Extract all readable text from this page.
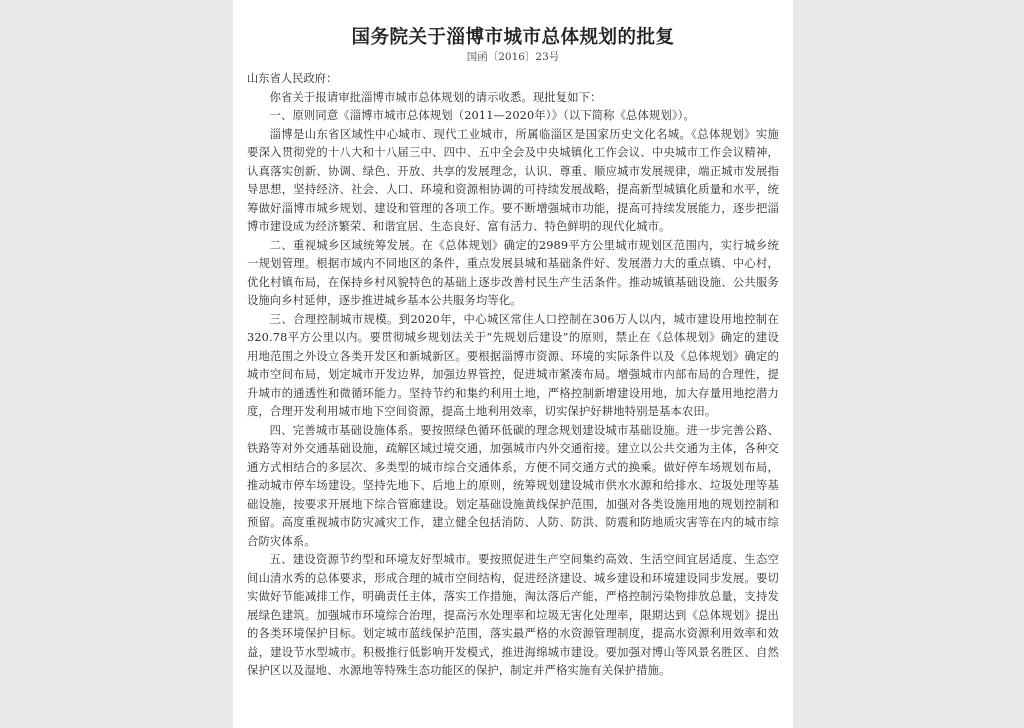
国务院关于淄博市城市总体规划的批复
国函〔2016〕23号

山东省人民政府：

你省关于报请审批淄博市城市总体规划的请示收悉。现批复如下：

一、原则同意《淄博市城市总体规划（2011—2020年）》（以下简称《总体规划》）。

淄博是山东省区域性中心城市、现代工业城市，所属临淄区是国家历史文化名城。《总体规划》实施要深入贯彻党的十八大和十八届三中、四中、五中全会及中央城镇化工作会议、中央城市工作会议精神，认真落实创新、协调、绿色、开放、共享的发展理念，认识、尊重、顺应城市发展规律，端正城市发展指导思想，坚持经济、社会、人口、环境和资源相协调的可持续发展战略，提高新型城镇化质量和水平，统筹做好淄博市城乡规划、建设和管理的各项工作。要不断增强城市功能，提高可持续发展能力，逐步把淄博市建设成为经济繁荣、和谐宜居、生态良好、富有活力、特色鲜明的现代化城市。

二、重视城乡区域统筹发展。在《总体规划》确定的2989平方公里城市规划区范围内，实行城乡统一规划管理。根据市域内不同地区的条件，重点发展县城和基础条件好、发展潜力大的重点镇、中心村，优化村镇布局，在保持乡村风貌特色的基础上逐步改善村民生产生活条件。推动城镇基础设施、公共服务设施向乡村延伸，逐步推进城乡基本公共服务均等化。

三、合理控制城市规模。到2020年，中心城区常住人口控制在306万人以内，城市建设用地控制在320.78平方公里以内。要贯彻城乡规划法关于“先规划后建设”的原则，禁止在《总体规划》确定的建设用地范围之外设立各类开发区和新城新区。要根据淄博市资源、环境的实际条件以及《总体规划》确定的城市空间布局，划定城市开发边界，加强边界管控，促进城市紧凑布局。增强城市内部布局的合理性，提升城市的通透性和微循环能力。坚持节约和集约利用土地，严格控制新增建设用地，加大存量用地挖潜力度，合理开发利用城市地下空间资源，提高土地利用效率，切实保护好耕地特别是基本农田。

四、完善城市基础设施体系。要按照绿色循环低碳的理念规划建设城市基础设施。进一步完善公路、铁路等对外交通基础设施，疏解区域过境交通，加强城市内外交通衔接。建立以公共交通为主体，各种交通方式相结合的多层次、多类型的城市综合交通体系，方便不同交通方式的换乘。做好停车场规划布局，推动城市停车场建设。坚持先地下、后地上的原则，统筹规划建设城市供水水源和给排水、垃圾处理等基础设施，按要求开展地下综合管廊建设。划定基础设施黄线保护范围，加强对各类设施用地的规划控制和预留。高度重视城市防灾减灾工作，建立健全包括消防、人防、防洪、防震和防地质灾害等在内的城市综合防灾体系。

五、建设资源节约型和环境友好型城市。要按照促进生产空间集约高效、生活空间宜居适度、生态空间山清水秀的总体要求，形成合理的城市空间结构，促进经济建设、城乡建设和环境建设同步发展。要切实做好节能减排工作，明确责任主体，落实工作措施，淘汰落后产能，严格控制污染物排放总量，支持发展绿色建筑。加强城市环境综合治理，提高污水处理率和垃圾无害化处理率，限期达到《总体规划》提出的各类环境保护目标。划定城市蓝线保护范围，落实最严格的水资源管理制度，提高水资源利用效率和效益，建设节水型城市。积极推行低影响开发模式，推进海绵城市建设。要加强对博山等风景名胜区、自然保护区以及湿地、水源地等特殊生态功能区的保护，制定并严格实施有关保护措施。
